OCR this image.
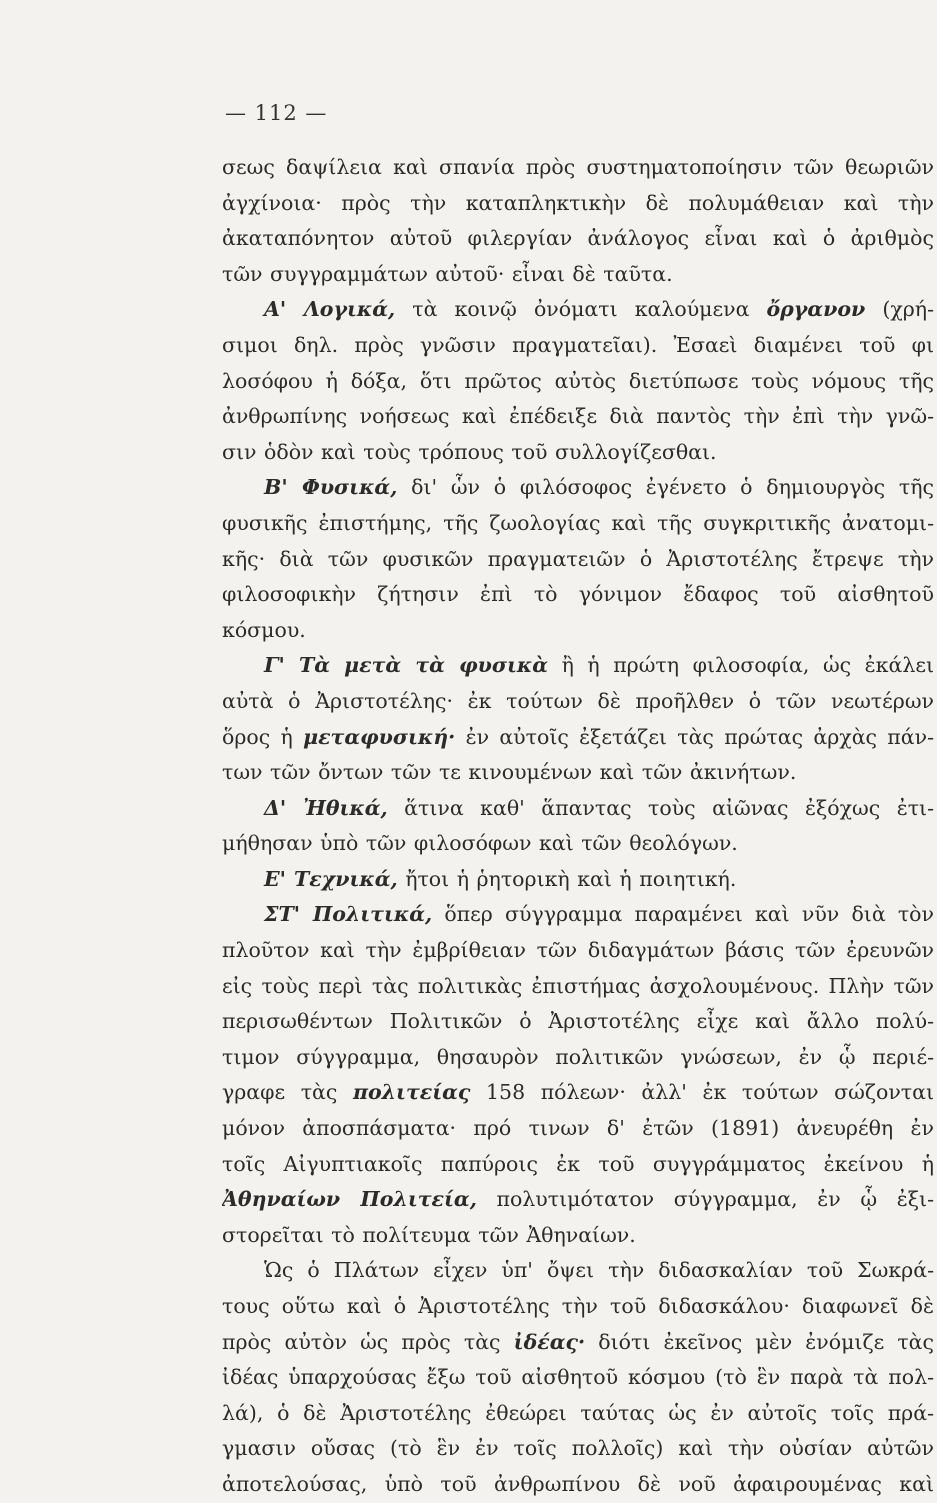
— 112 —
σεως δαψίλεια καὶ σπανία πρὸς συστηματοποίησιν τῶν θεωριῶν
ἀγχίνοια· πρὸς τὴν καταπληκτικὴν δὲ πολυμάθειαν καὶ τὴν
ἀκαταπόνητον αὐτοῦ φιλεργίαν ἀνάλογος εἶναι καὶ ὁ ἀριθμὸς
τῶν συγγραμμάτων αὐτοῦ· εἶναι δὲ ταῦτα.
Α' Λογικά, τὰ κοινῷ ὀνόματι καλούμενα ὄργανον (χρή-
σιμοι δηλ. πρὸς γνῶσιν πραγματεῖαι). Ἐσαεὶ διαμένει τοῦ φι
λοσόφου ἡ δόξα, ὅτι πρῶτος αὐτὸς διετύπωσε τοὺς νόμους τῆς
ἀνθρωπίνης νοήσεως καὶ ἐπέδειξε διὰ παντὸς τὴν ἐπὶ τὴν γνῶ-
σιν ὁδὸν καὶ τοὺς τρόπους τοῦ συλλογίζεσθαι.
Β' Φυσικά, δι' ὧν ὁ φιλόσοφος ἐγένετο ὁ δημιουργὸς τῆς
φυσικῆς ἐπιστήμης, τῆς ζωολογίας καὶ τῆς συγκριτικῆς ἀνατομι-
κῆς· διὰ τῶν φυσικῶν πραγματειῶν ὁ Ἀριστοτέλης ἔτρεψε τὴν
φιλοσοφικὴν ζήτησιν ἐπὶ τὸ γόνιμον ἔδαφος τοῦ αἰσθητοῦ
κόσμου.
Γ' Τὰ μετὰ τὰ φυσικὰ ἢ ἡ πρώτη φιλοσοφία, ὡς ἐκάλει
αὐτὰ ὁ Ἀριστοτέλης· ἐκ τούτων δὲ προῆλθεν ὁ τῶν νεωτέρων
ὅρος ἡ μεταφυσική· ἐν αὐτοῖς ἐξετάζει τὰς πρώτας ἀρχὰς πάν-
των τῶν ὄντων τῶν τε κινουμένων καὶ τῶν ἀκινήτων.
Δ' Ἠθικά, ἅτινα καθ' ἅπαντας τοὺς αἰῶνας ἐξόχως ἐτι-
μήθησαν ὑπὸ τῶν φιλοσόφων καὶ τῶν θεολόγων.
Ε' Τεχνικά, ἤτοι ἡ ῥητορικὴ καὶ ἡ ποιητική.
ΣΤ' Πολιτικά, ὅπερ σύγγραμμα παραμένει καὶ νῦν διὰ τὸν
πλοῦτον καὶ τὴν ἐμβρίθειαν τῶν διδαγμάτων βάσις τῶν ἐρευνῶν
εἰς τοὺς περὶ τὰς πολιτικὰς ἐπιστήμας ἀσχολουμένους. Πλὴν τῶν
περισωθέντων Πολιτικῶν ὁ Ἀριστοτέλης εἶχε καὶ ἄλλο πολύ-
τιμον σύγγραμμα, θησαυρὸν πολιτικῶν γνώσεων, ἐν ᾧ περιέ-
γραφε τὰς πολιτείας 158 πόλεων· ἀλλ' ἐκ τούτων σώζονται
μόνον ἀποσπάσματα· πρό τινων δ' ἐτῶν (1891) ἀνευρέθη ἐν
τοῖς Αἰγυπτιακοῖς παπύροις ἐκ τοῦ συγγράμματος ἐκείνου ἡ
Ἀθηναίων Πολιτεία, πολυτιμότατον σύγγραμμα, ἐν ᾧ ἐξι-
στορεῖται τὸ πολίτευμα τῶν Ἀθηναίων.
Ὡς ὁ Πλάτων εἶχεν ὑπ' ὄψει τὴν διδασκαλίαν τοῦ Σωκρά-
τους οὕτω καὶ ὁ Ἀριστοτέλης τὴν τοῦ διδασκάλου· διαφωνεῖ δὲ
πρὸς αὐτὸν ὡς πρὸς τὰς ἰδέας· διότι ἐκεῖνος μὲν ἐνόμιζε τὰς
ἰδέας ὑπαρχούσας ἔξω τοῦ αἰσθητοῦ κόσμου (τὸ ἓν παρὰ τὰ πολ-
λά), ὁ δὲ Ἀριστοτέλης ἐθεώρει ταύτας ὡς ἐν αὐτοῖς τοῖς πρά-
γμασιν οὔσας (τὸ ἓν ἐν τοῖς πολλοῖς) καὶ τὴν οὐσίαν αὐτῶν
ἀποτελούσας, ὑπὸ τοῦ ἀνθρωπίνου δὲ νοῦ ἀφαιρουμένας καὶ
